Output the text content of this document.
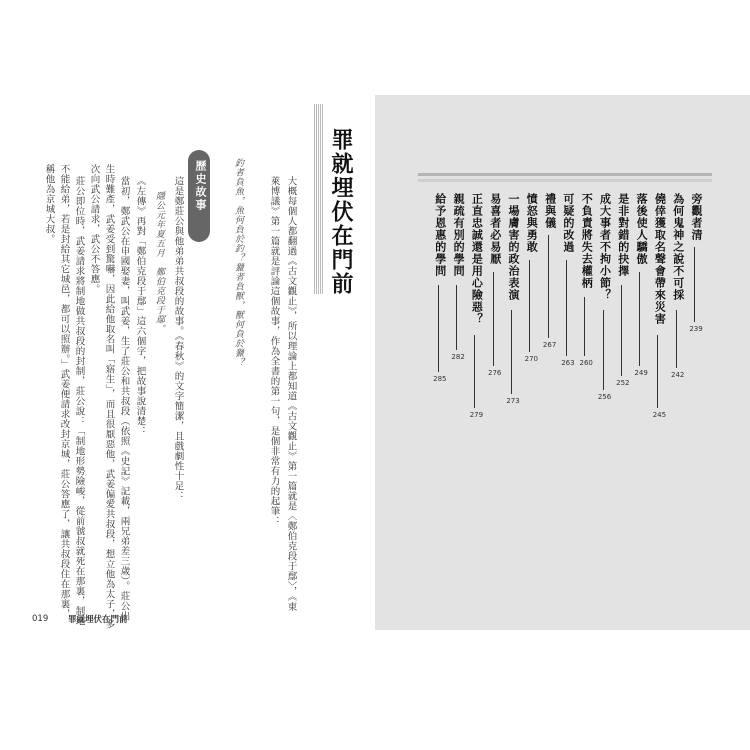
罪就埋伏在門前
大概每個人都翻過《古文觀止》，所以理論上都知道《古文觀止》第一篇就是〈鄭伯克段于鄢〉，《東
萊博議》第一篇就是評論這個故事，作為全書的第一句，是個非常有力的起筆：
釣者負魚，魚何負於釣？獵者負獸，獸何負於獵？
歷史故事
這是鄭莊公與他弟弟共叔段的故事。《春秋》的文字簡潔，且戲劇性十足：
隱公元年夏五月　鄭伯克段于鄢。
《左傳》再對「鄭伯克段于鄢」這六個字，把故事說清楚：
當初，鄭武公在申國娶妻，叫武姜，生了莊公和共叔段（依照《史記》記載，兩兄弟差三歲）。莊公出
生時難產，武姜受到驚嚇，因此給他取名叫「寤生」，而且很厭惡他，武姜偏愛共叔段，想立他為太子，多
次向武公請求，武公不答應。
莊公即位時，武姜請求將制地做共叔段的封制，莊公說：「制地形勢險峻，從前虢叔就死在那裏，制地
不能給弟，若是封給其它城邑，都可以照辦。」武姜便請求改封京城，莊公答應了，讓共叔段住在那裏，
稱他為京城大叔。
019 罪就埋伏在門前
旁觀者清
239
為何鬼神之說不可採
242
僥倖獲取名聲會帶來災害
245
落後使人驕傲
249
是非對錯的抉擇
252
成大事者不拘小節？
256
不負責將失去權柄
260
可疑的改過
263
禮與儀
267
憤怒與勇敢
270
一場膚害的政治表演
273
易喜者必易厭
276
正直忠誠還是用心險惡？
279
親疏有別的學問
282
給予恩惠的學問
285
